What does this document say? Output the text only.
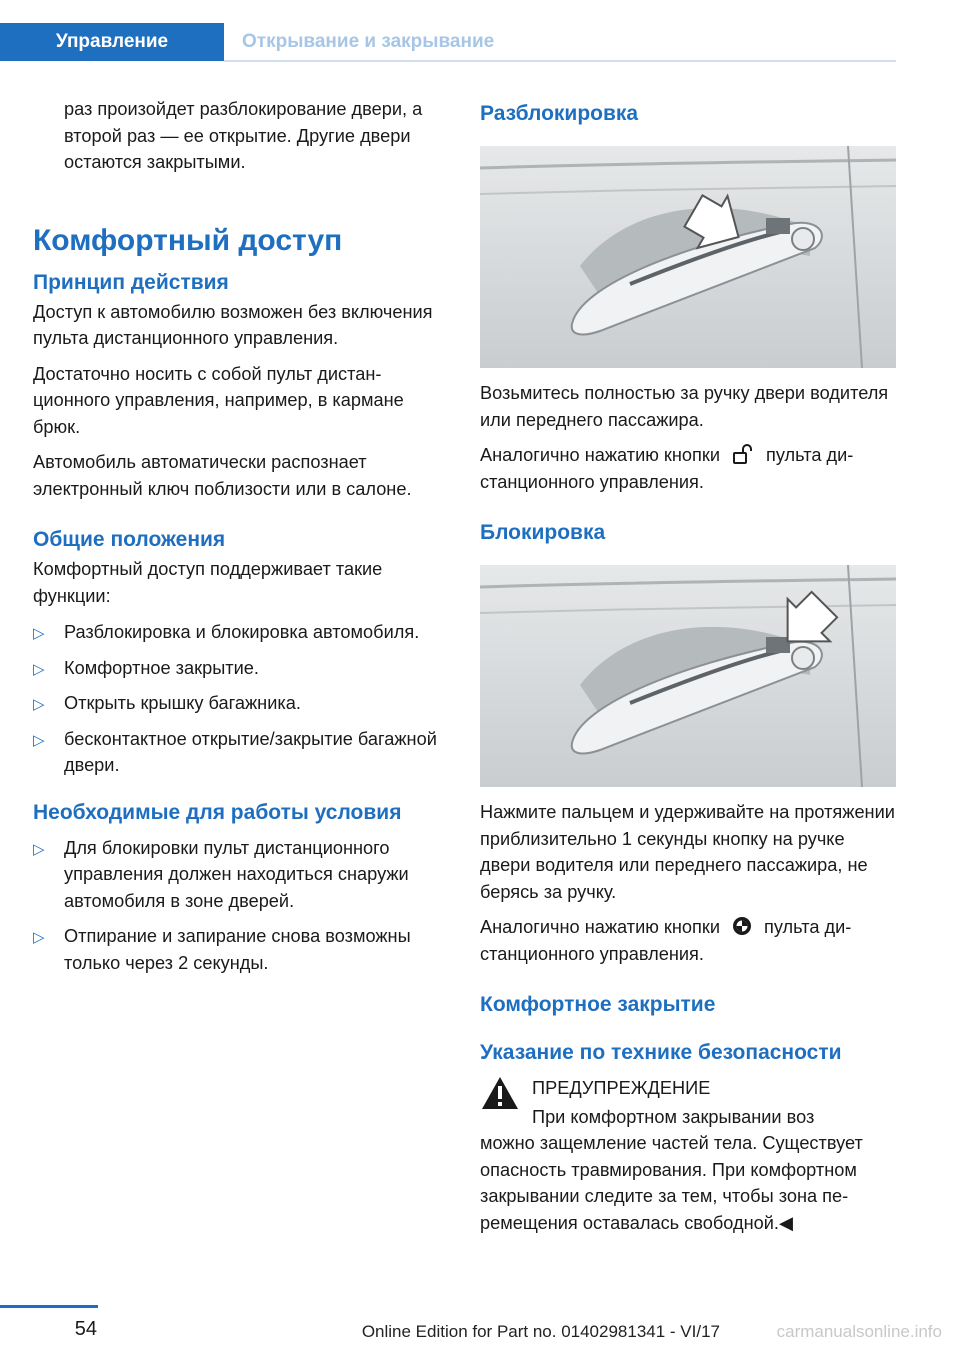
Управление	Открывание и закрывание

раз произойдет разблокирование двери, а второй раз — ее открытие. Другие двери остаются закрытыми.

Комфортный доступ
Принцип действия

Доступ к автомобилю возможен без включения пульта дистанционного управления.

Достаточно носить с собой пульт дистанционного управления, например, в кармане брюк.

Автомобиль автоматически распознает электронный ключ поблизости или в салоне.

Общие положения

Комфортный доступ поддерживает такие функции:

▷ Разблокировка и блокировка автомобиля.
▷ Комфортное закрытие.
▷ Открыть крышку багажника.
▷ бесконтактное открытие/закрытие багажной двери.
Необходимые для работы условия
▷ Для блокировки пульт дистанционного управления должен находиться снаружи автомобиля в зоне дверей.
▷ Отпирание и запирание снова возможны только через 2 секунды.
Разблокировка

Возьмитесь полностью за ручку двери водителя или переднего пассажира.

Аналогично нажатию кнопки	пульта дистанционного управления.

Блокировка

Нажмите пальцем и удерживайте на протяжении приблизительно 1 секунды кнопку на ручке двери водителя или переднего пассажира, не берясь за ручку.

Аналогично нажатию кнопки пульта дистанционного управления.

Комфортное закрытие
Указание по технике безопасности

ПРЕДУПРЕЖДЕНИЕ

При комфортном закрывании воз

можно защемление частей тела. Существует опасность травмирования. При комфортном закрывании следите за тем, чтобы зона перемещения оставалась свободной.◀

54	Online Edition for Part no. 01402981341 - VI/17	carmanualsonline.info
